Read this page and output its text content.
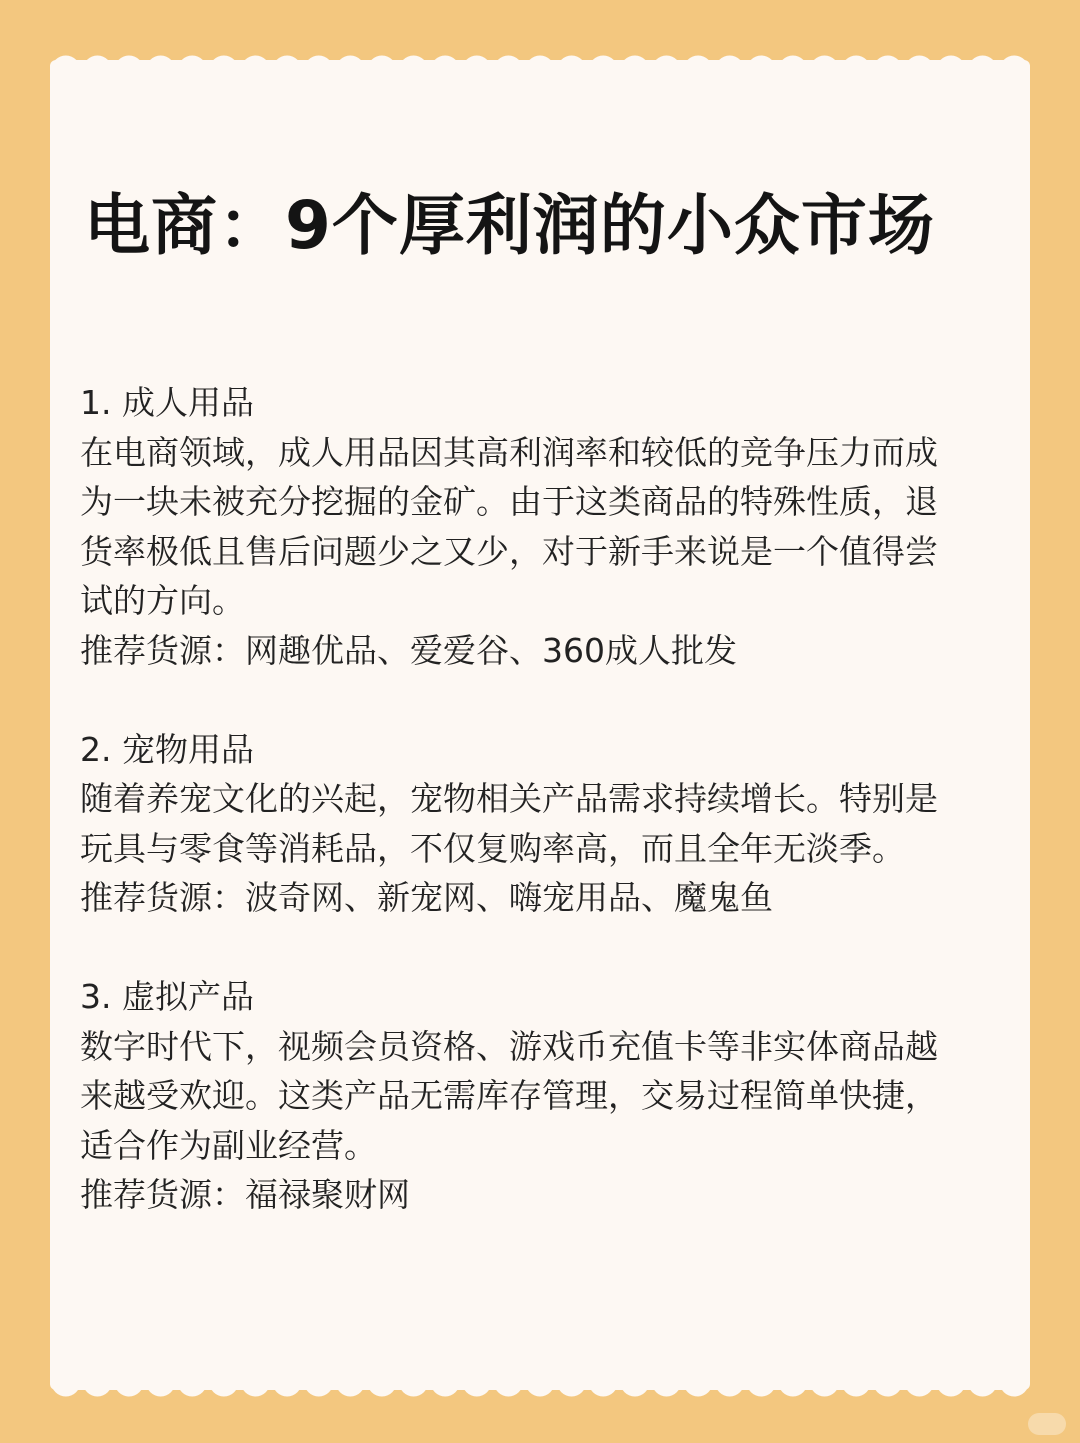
电商：9个厚利润的小众市场
1. 成人用品
在电商领域，成人用品因其高利润率和较低的竞争压力而成
为一块未被充分挖掘的金矿。由于这类商品的特殊性质，退
货率极低且售后问题少之又少，对于新手来说是一个值得尝
试的方向。
推荐货源：网趣优品、爱爱谷、360成人批发
2. 宠物用品
随着养宠文化的兴起，宠物相关产品需求持续增长。特别是
玩具与零食等消耗品，不仅复购率高，而且全年无淡季。
推荐货源：波奇网、新宠网、嗨宠用品、魔鬼鱼
3. 虚拟产品
数字时代下，视频会员资格、游戏币充值卡等非实体商品越
来越受欢迎。这类产品无需库存管理，交易过程简单快捷，
适合作为副业经营。
推荐货源：福禄聚财网
